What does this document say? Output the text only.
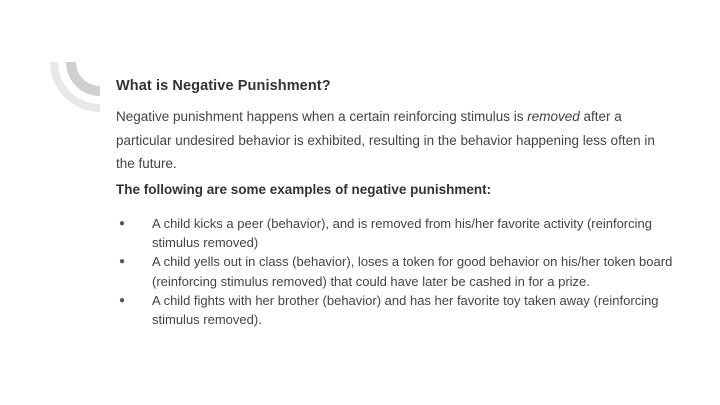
What is Negative Punishment?
Negative punishment happens when a certain reinforcing stimulus is removed after a particular undesired behavior is exhibited, resulting in the behavior happening less often in the future.
The following are some examples of negative punishment:
● A child kicks a peer (behavior), and is removed from his/her favorite activity (reinforcing stimulus removed)
● A child yells out in class (behavior), loses a token for good behavior on his/her token board (reinforcing stimulus removed) that could have later be cashed in for a prize.
● A child fights with her brother (behavior) and has her favorite toy taken away (reinforcing stimulus removed).
